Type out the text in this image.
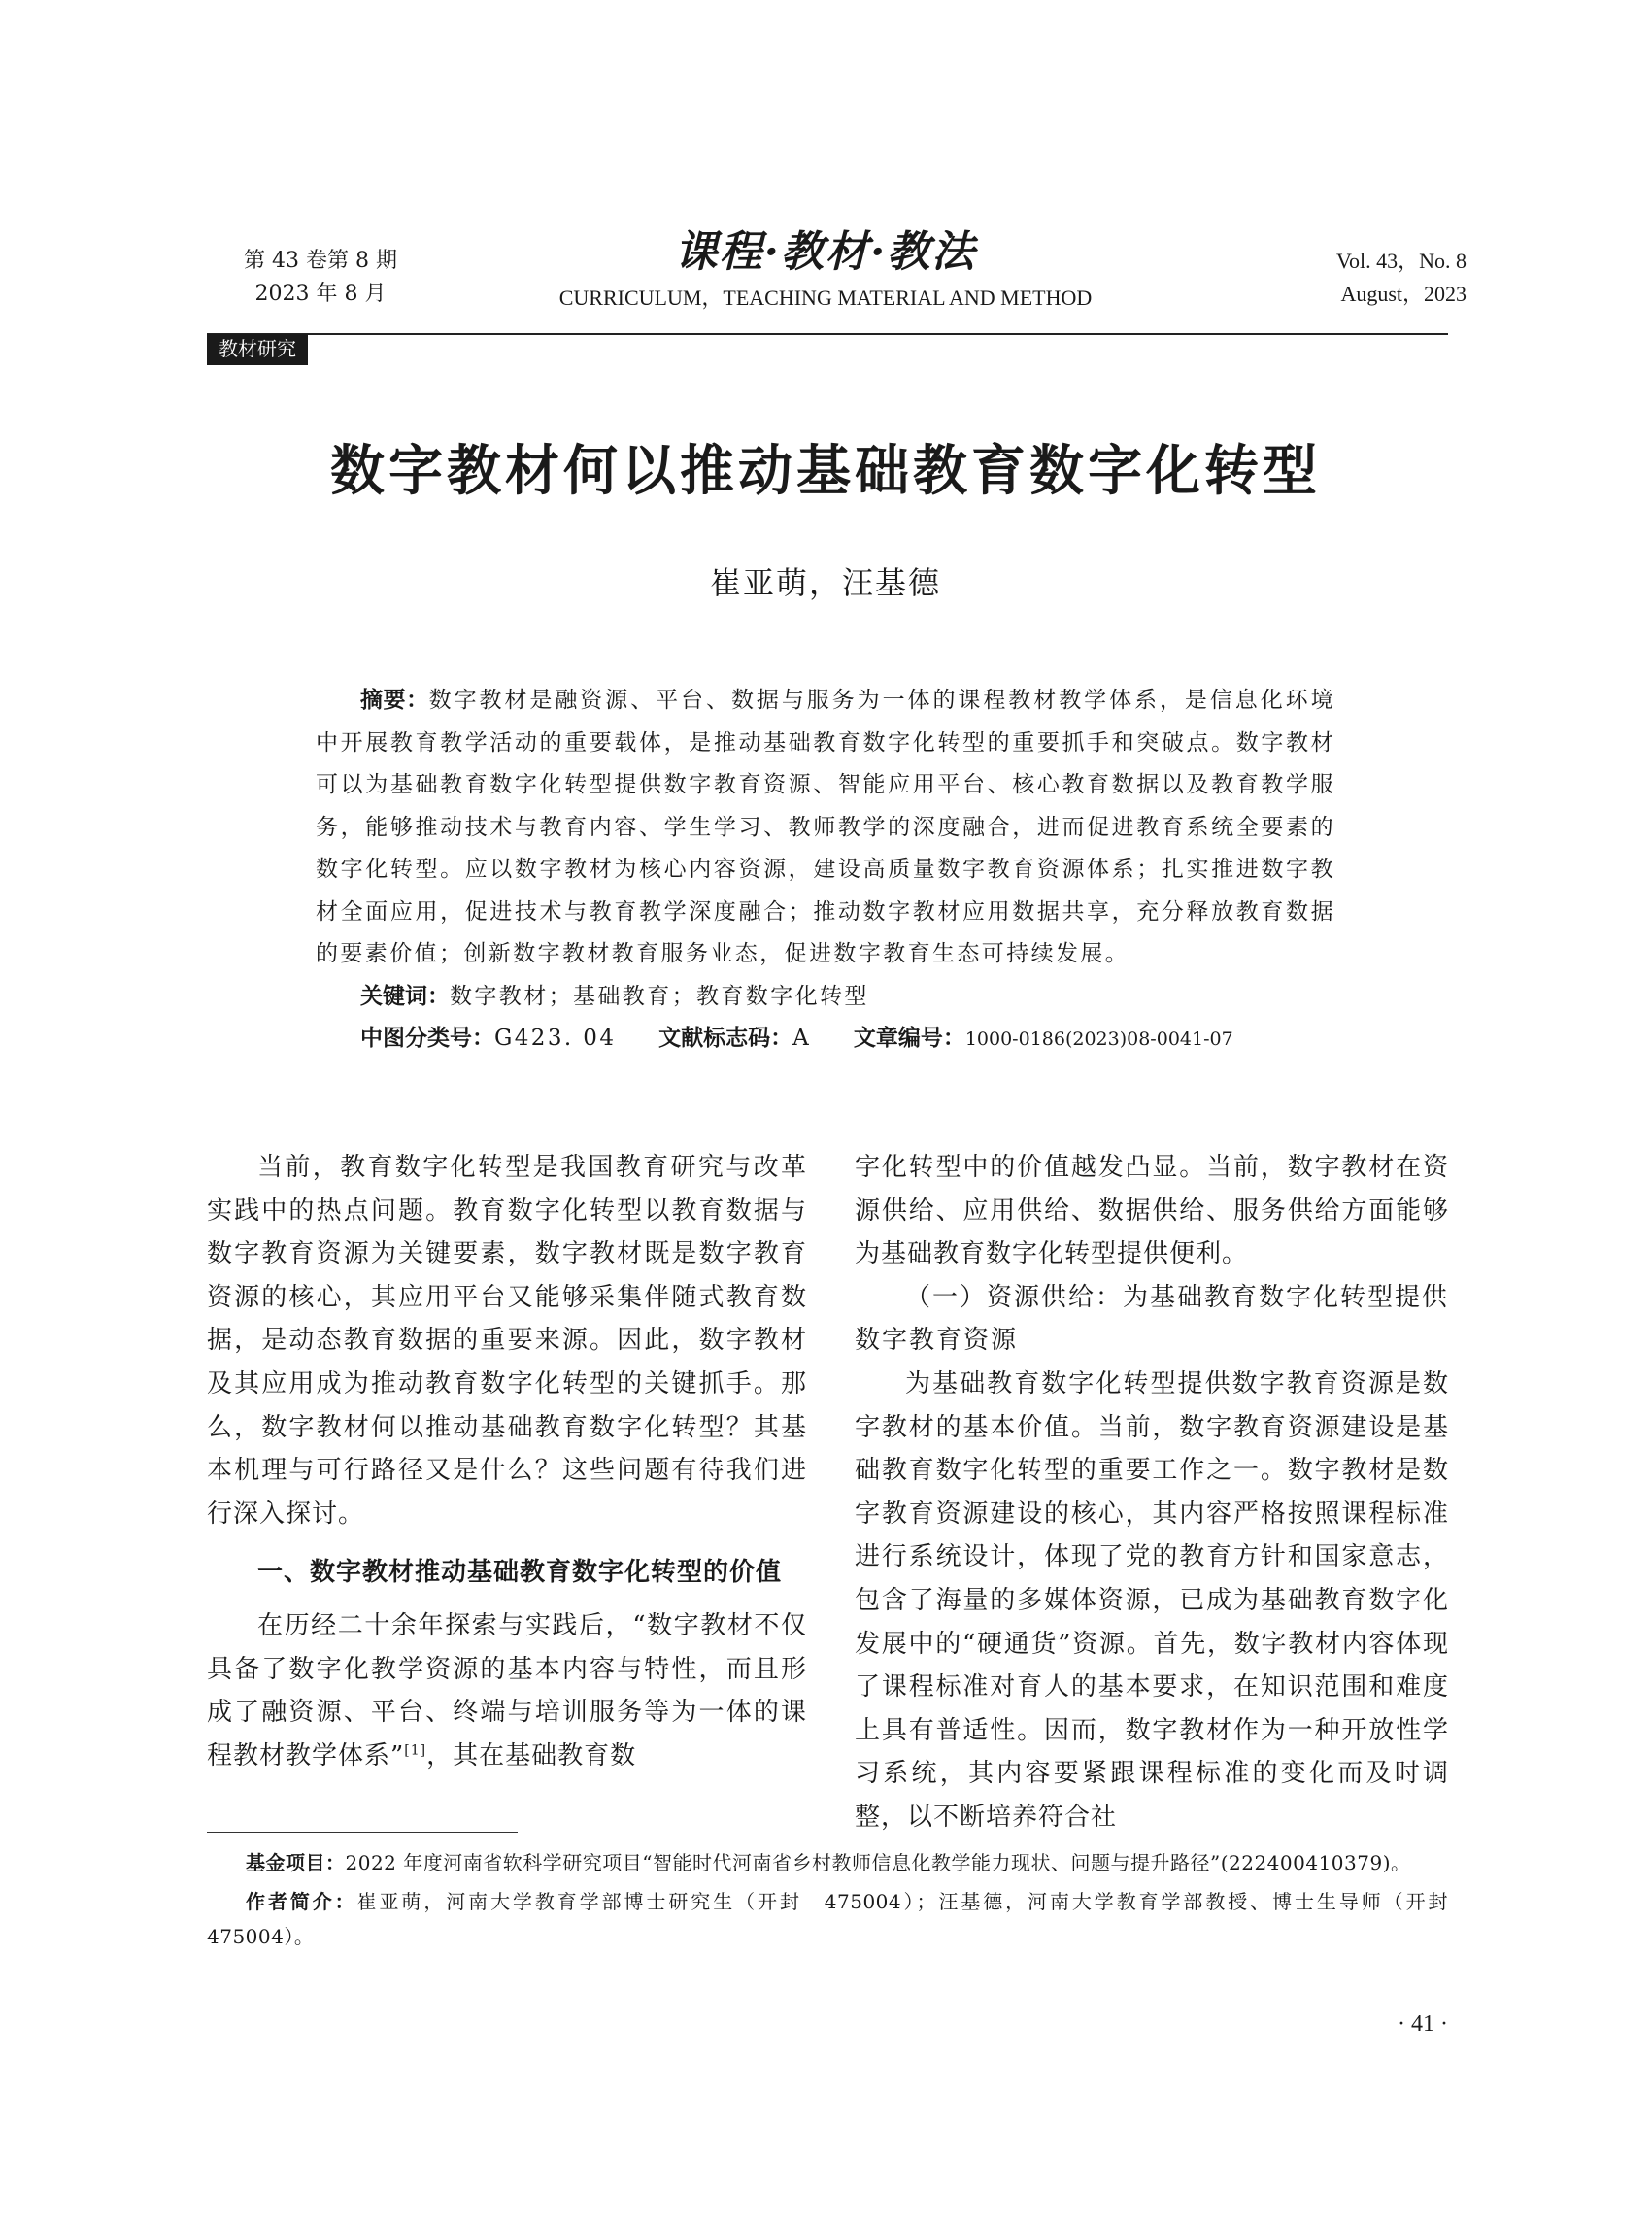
第 43 卷第 8 期
2023 年 8 月
课程·教材·教法
CURRICULUM，TEACHING MATERIAL AND METHOD
Vol. 43，No. 8
August，2023
教材研究
数字教材何以推动基础教育数字化转型
崔亚萌，汪基德

摘要：数字教材是融资源、平台、数据与服务为一体的课程教材教学体系，是信息化环境中开展教育教学活动的重要载体，是推动基础教育数字化转型的重要抓手和突破点。数字教材可以为基础教育数字化转型提供数字教育资源、智能应用平台、核心教育数据以及教育教学服务，能够推动技术与教育内容、学生学习、教师教学的深度融合，进而促进教育系统全要素的数字化转型。应以数字教材为核心内容资源，建设高质量数字教育资源体系；扎实推进数字教材全面应用，促进技术与教育教学深度融合；推动数字教材应用数据共享，充分释放教育数据的要素价值；创新数字教材教育服务业态，促进数字教育生态可持续发展。

关键词：数字教材；基础教育；教育数字化转型

中图分类号：G423. 04 文献标志码：A 文章编号：1000-0186(2023)08-0041-07

当前，教育数字化转型是我国教育研究与改革实践中的热点问题。教育数字化转型以教育数据与数字教育资源为关键要素，数字教材既是数字教育资源的核心，其应用平台又能够采集伴随式教育数据，是动态教育数据的重要来源。因此，数字教材及其应用成为推动教育数字化转型的关键抓手。那么，数字教材何以推动基础教育数字化转型？其基本机理与可行路径又是什么？这些问题有待我们进行深入探讨。

一、数字教材推动基础教育数字化转型的价值

在历经二十余年探索与实践后，“数字教材不仅具备了数字化教学资源的基本内容与特性，而且形成了融资源、平台、终端与培训服务等为一体的课程教材教学体系”[1]，其在基础教育数

字化转型中的价值越发凸显。当前，数字教材在资源供给、应用供给、数据供给、服务供给方面能够为基础教育数字化转型提供便利。

（一）资源供给：为基础教育数字化转型提供数字教育资源

为基础教育数字化转型提供数字教育资源是数字教材的基本价值。当前，数字教育资源建设是基础教育数字化转型的重要工作之一。数字教材是数字教育资源建设的核心，其内容严格按照课程标准进行系统设计，体现了党的教育方针和国家意志，包含了海量的多媒体资源，已成为基础教育数字化发展中的“硬通货”资源。首先，数字教材内容体现了课程标准对育人的基本要求，在知识范围和难度上具有普适性。因而，数字教材作为一种开放性学习系统，其内容要紧跟课程标准的变化而及时调整，以不断培养符合社

基金项目：2022 年度河南省软科学研究项目“智能时代河南省乡村教师信息化教学能力现状、问题与提升路径”(222400410379)。

作者简介：崔亚萌，河南大学教育学部博士研究生（开封　475004）；汪基德，河南大学教育学部教授、博士生导师（开封　475004）。

· 41 ·
